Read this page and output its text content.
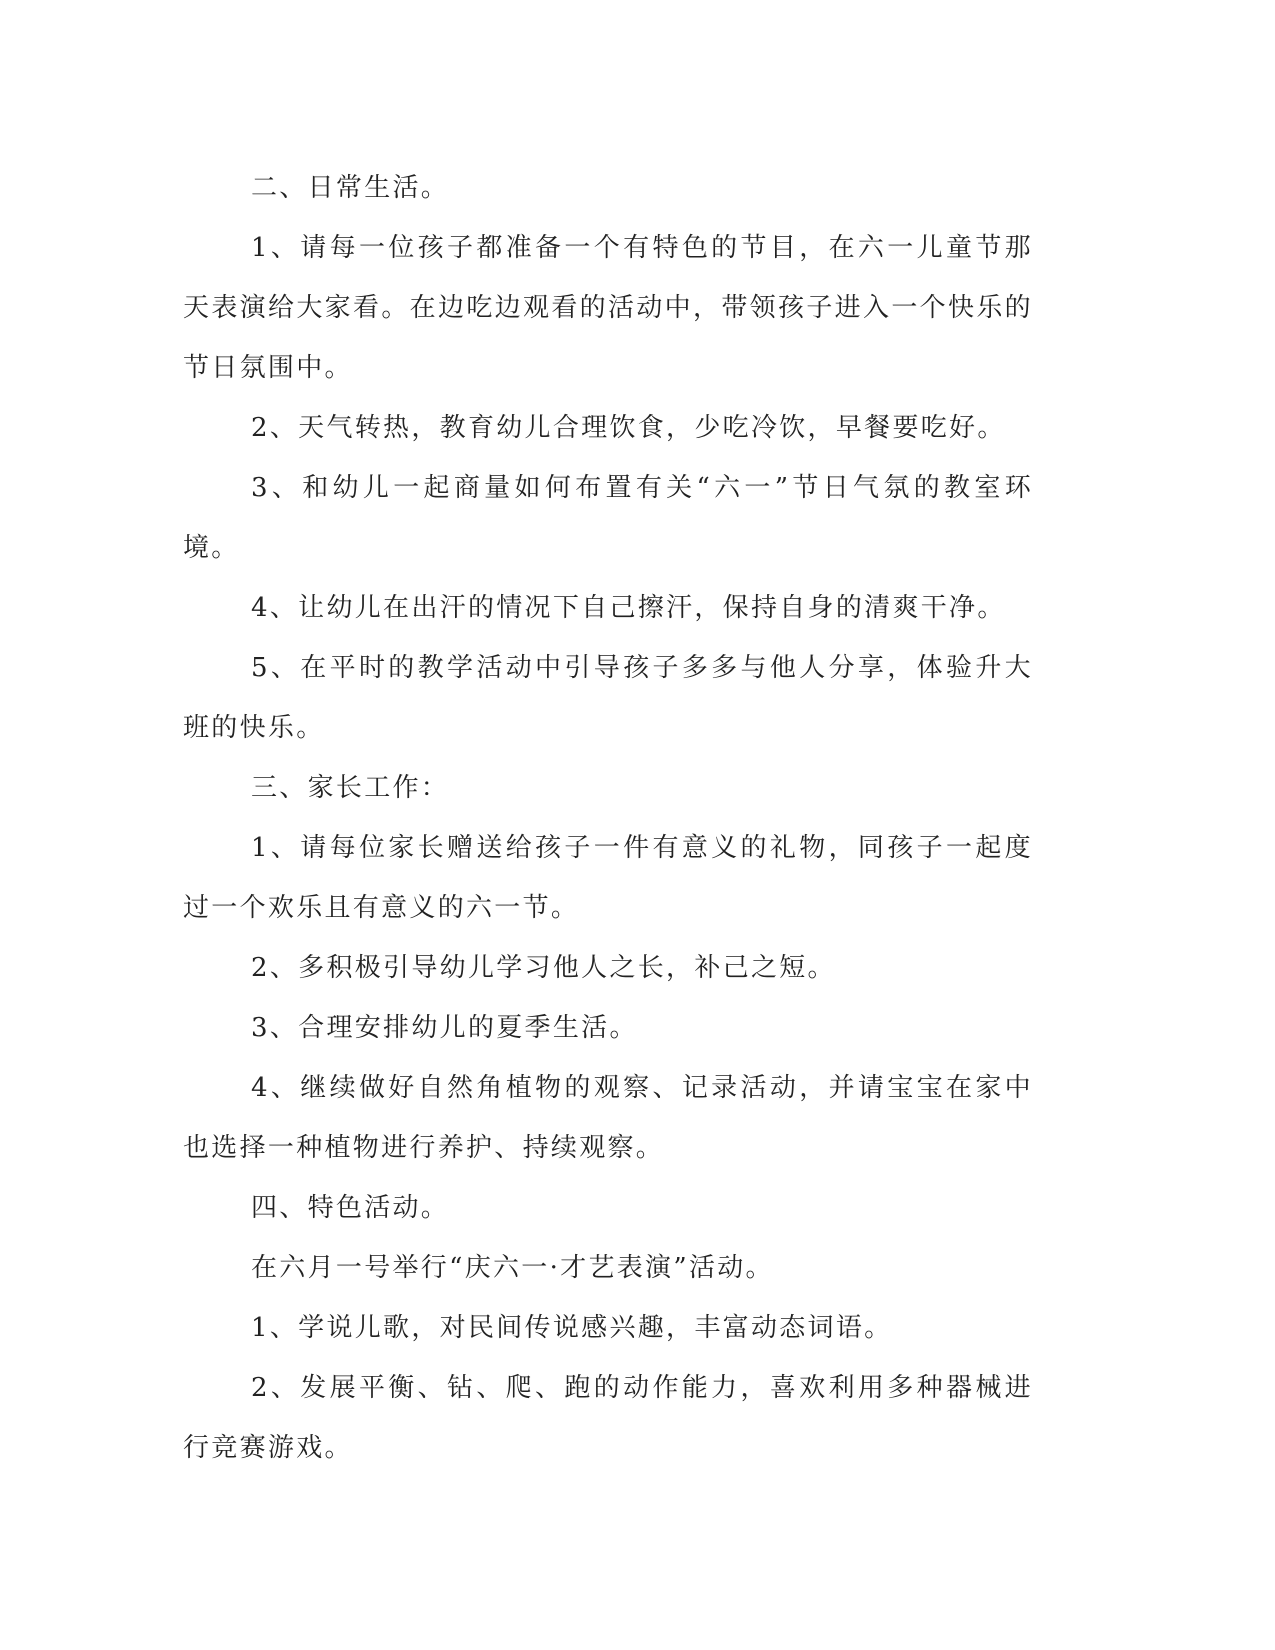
二、日常生活。

1、请每一位孩子都准备一个有特色的节目，在六一儿童节那天表演给大家看。在边吃边观看的活动中，带领孩子进入一个快乐的节日氛围中。

2、天气转热，教育幼儿合理饮食，少吃冷饮，早餐要吃好。

3、和幼儿一起商量如何布置有关“六一”节日气氛的教室环境。

4、让幼儿在出汗的情况下自己擦汗，保持自身的清爽干净。

5、在平时的教学活动中引导孩子多多与他人分享，体验升大班的快乐。

三、家长工作：

1、请每位家长赠送给孩子一件有意义的礼物，同孩子一起度过一个欢乐且有意义的六一节。

2、多积极引导幼儿学习他人之长，补己之短。

3、合理安排幼儿的夏季生活。

4、继续做好自然角植物的观察、记录活动，并请宝宝在家中也选择一种植物进行养护、持续观察。

四、特色活动。

在六月一号举行“庆六一·才艺表演”活动。

1、学说儿歌，对民间传说感兴趣，丰富动态词语。

2、发展平衡、钻、爬、跑的动作能力，喜欢利用多种器械进行竞赛游戏。
